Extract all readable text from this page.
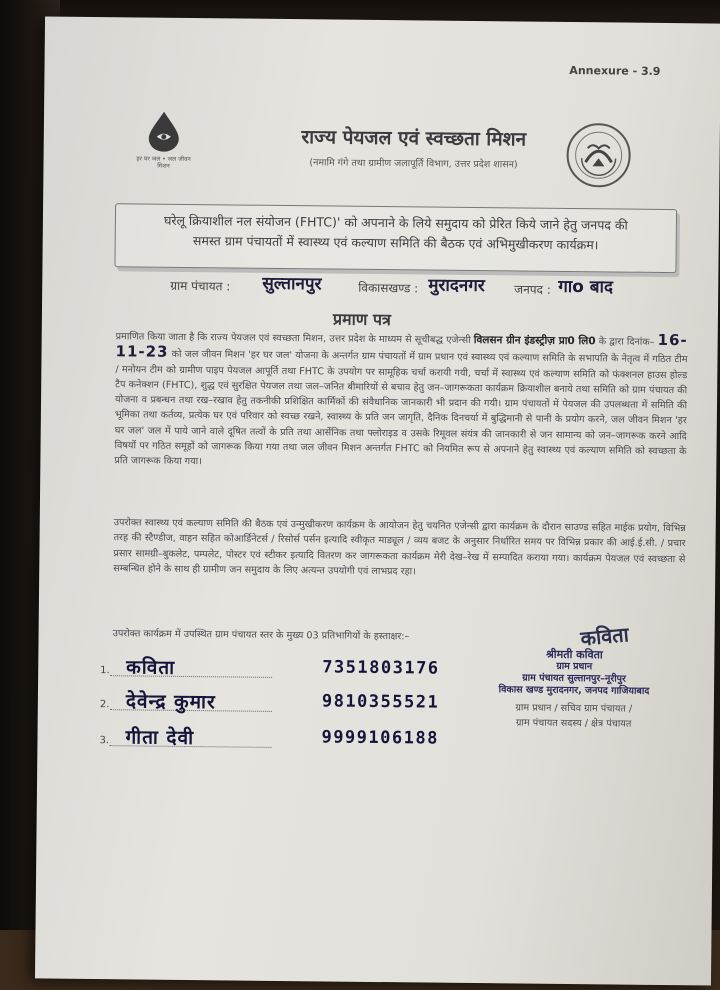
Annexure - 3.9
हर घर जल • जल जीवन मिशन
राज्य पेयजल एवं स्वच्छता मिशन
(नमामि गंगे तथा ग्रामीण जलापूर्ति विभाग, उत्तर प्रदेश शासन)
घरेलू क्रियाशील नल संयोजन (FHTC)' को अपनाने के लिये समुदाय को प्रेरित किये जाने हेतु जनपद की
समस्त ग्राम पंचायतों में स्वास्थ्य एवं कल्याण समिति की बैठक एवं अभिमुखीकरण कार्यक्रम।
ग्राम पंचायत : सुल्तानपुर	विकासखण्ड : मुरादनगर जनपद : गाo बाद
प्रमाण पत्र
प्रमाणित किया जाता है कि राज्य पेयजल एवं स्वच्छता मिशन, उत्तर प्रदेश के माध्यम से सूचीबद्ध एजेन्सी विलसन ग्रीन इंडस्ट्रीज़ प्रा0 लि0 के द्वारा दिनांक– 16-11-23 को जल जीवन मिशन 'हर घर जल' योजना के अन्तर्गत ग्राम पंचायतों में ग्राम प्रधान एवं स्वास्थ्य एवं कल्याण समिति के सभापति के नेतृत्व में गठित टीम / मनोयन टीम को ग्रामीण पाइप पेयजल आपूर्ति तथा FHTC के उपयोग पर सामूहिक चर्चा करायी गयी, चर्चा में स्वास्थ्य एवं कल्याण समिति को फंक्शनल हाउस होल्ड टैप कनेक्शन (FHTC), शुद्ध एवं सुरक्षित पेयजल तथा जल–जनित बीमारियों से बचाव हेतु जन–जागरूकता कार्यक्रम क्रियाशील बनाये तथा समिति को ग्राम पंचायत की योजना व प्रबन्धन तथा रख–रखाव हेतु तकनीकी प्रशिक्षित कार्मिकों की संवैधानिक जानकारी भी प्रदान की गयी। ग्राम पंचायतों में पेयजल की उपलब्धता में समिति की भूमिका तथा कर्तव्य, प्रत्येक घर एवं परिवार को स्वच्छ रखने, स्वास्थ्य के प्रति जन जागृति, दैनिक दिनचर्या में बुद्धिमानी से पानी के प्रयोग करने, जल जीवन मिशन 'हर घर जल' जल में पाये जाने वाले दूषित तत्वों के प्रति तथा आर्सेनिक तथा फ्लोराइड व उसके रिमूवल संयंत्र की जानकारी से जन सामान्य को जन–जागरूक करने आदि विषयों पर गठित समूहों को जागरूक किया गया तथा जल जीवन मिशन अन्तर्गत FHTC को नियमित रूप से अपनाने हेतु स्वास्थ्य एवं कल्याण समिति को स्वच्छता के प्रति जागरूक किया गया।
उपरोक्त स्वास्थ्य एवं कल्याण समिति की बैठक एवं उन्मुखीकरण कार्यक्रम के आयोजन हेतु चयनित एजेन्सी द्वारा कार्यक्रम के दौरान साउण्ड सहित माईक प्रयोग, विभिन्न तरह की स्टैण्डीज, वाहन सहित कोआर्डिनेटर्स / रिसोर्स पर्सन इत्यादि स्वीकृत माड्यूल / व्यय बजट के अनुसार निर्धारित समय पर विभिन्न प्रकार की आई.ई.सी. / प्रचार प्रसार सामग्री–बुकलेट, पम्पलेट, पोस्टर एवं स्टीकर इत्यादि वितरण कर जागरूकता कार्यक्रम मेरी देख–रेख में सम्पादित कराया गया। कार्यक्रम पेयजल एवं स्वच्छता से सम्बन्धित होने के साथ ही ग्रामीण जन समुदाय के लिए अत्यन्त उपयोगी एवं लाभप्रद रहा।
उपरोक्त कार्यक्रम में उपस्थित ग्राम पंचायत स्तर के मुख्य 03 प्रतिभागियों के हस्ताक्षर:–
1. कविता	7351803176
2. देवेन्द्र कुमार	9810355521
3. गीता देवी	9999106188
कविता
श्रीमती कविता
ग्राम प्रधान
ग्राम पंचायत सुल्तानपुर–नूरीपुर
विकास खण्ड मुरादनगर, जनपद गाजियाबाद
ग्राम प्रधान / सचिव ग्राम पंचायत /
ग्राम पंचायत सदस्य / क्षेत्र पंचायत
